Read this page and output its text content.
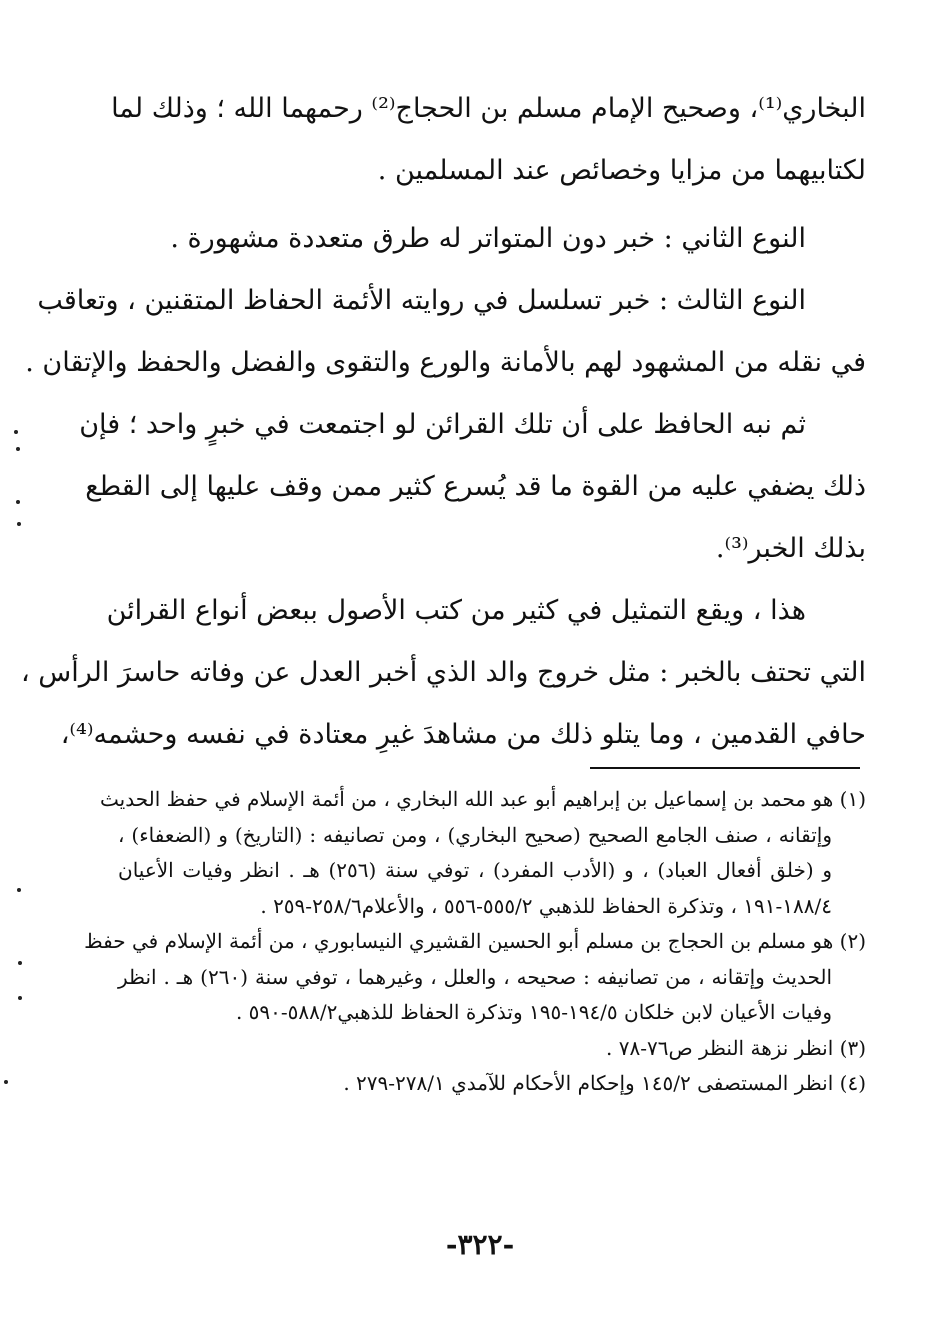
البخاري⁽¹⁾، وصحيح الإمام مسلم بن الحجاج⁽²⁾ رحمهما الله ؛ وذلك لما
لكتابيهما من مزايا وخصائص عند المسلمين .
النوع الثاني : خبر دون المتواتر له طرق متعددة مشهورة .
النوع الثالث : خبر تسلسل في روايته الأئمة الحفاظ المتقنين ، وتعاقب
في نقله من المشهود لهم بالأمانة والورع والتقوى والفضل والحفظ والإتقان .
ثم نبه الحافظ على أن تلك القرائن لو اجتمعت في خبرٍ واحد ؛ فإن
ذلك يضفي عليه من القوة ما قد يُسرع كثير ممن وقف عليها إلى القطع
بذلك الخبر⁽³⁾.
هذا ، ويقع التمثيل في كثير من كتب الأصول ببعض أنواع القرائن
التي تحتف بالخبر : مثل خروج والد الذي أخبر العدل عن وفاته حاسرَ الرأس ،
حافي القدمين ، وما يتلو ذلك من مشاهدَ غيرِ معتادة في نفسه وحشمه⁽⁴⁾،
(١) هو محمد بن إسماعيل بن إبراهيم أبو عبد الله البخاري ، من أئمة الإسلام في حفظ الحديث
وإتقانه ، صنف الجامع الصحيح (صحيح البخاري) ، ومن تصانيفه : (التاريخ) و (الضعفاء) ،
و (خلق أفعال العباد) ، و (الأدب المفرد) ، توفي سنة (٢٥٦) هـ . انظر وفيات الأعيان
١٨٨/٤-١٩١ ، وتذكرة الحفاظ للذهبي ٥٥٥/٢-٥٥٦ ، والأعلام٢٥٨/٦-٢٥٩ .
(٢) هو مسلم بن الحجاج بن مسلم أبو الحسين القشيري النيسابوري ، من أئمة الإسلام في حفظ
الحديث وإتقانه ، من تصانيفه : صحيحه ، والعلل ، وغيرهما ، توفي سنة (٢٦٠) هـ . انظر
وفيات الأعيان لابن خلكان ١٩٤/٥-١٩٥ وتذكرة الحفاظ للذهبي٥٨٨/٢-٥٩٠ .
(٣) انظر نزهة النظر ص٧٦-٧٨ .
(٤) انظر المستصفى ١٤٥/٢ وإحكام الأحكام للآمدي ٢٧٨/١-٢٧٩ .
-٣٢٢-
